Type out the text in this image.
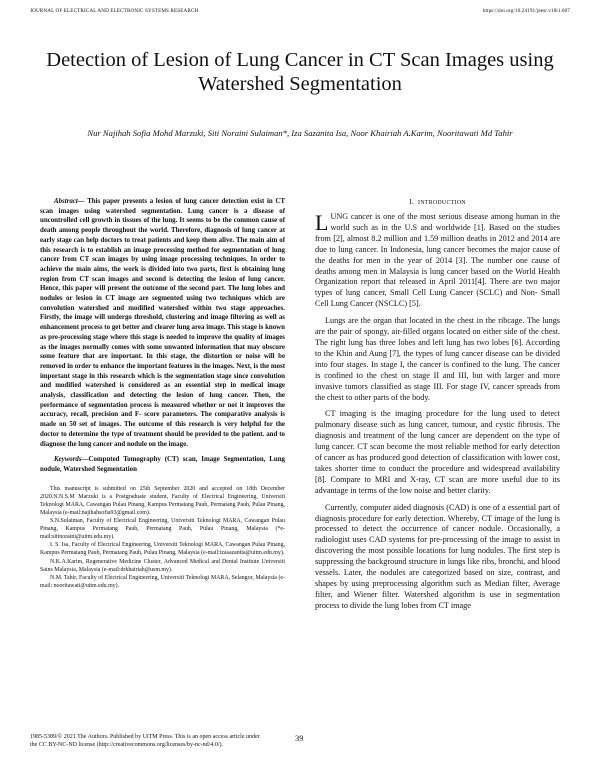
JOURNAL OF ELECTRICAL AND ELECTRONIC SYSTEMS RESEARCH	https://doi.org/10.24191/jeesr.v18i1.007
Detection of Lesion of Lung Cancer in CT Scan Images using Watershed Segmentation
Nur Najihah Sofia Mohd Marzuki, Siti Noraini Sulaiman*, Iza Sazanita Isa, Noor Khairiah A.Karim, Nooritawati Md Tahir
Abstract— This paper presents a lesion of lung cancer detection exist in CT scan images using watershed segmentation. Lung cancer is a disease of uncontrolled cell growth in tissues of the lung. It seems to be the common cause of death among people throughout the world. Therefore, diagnosis of lung cancer at early stage can help doctors to treat patients and keep them alive. The main aim of this research is to establish an image processing method for segmentation of lung cancer from CT scan images by using image processing techniques. In order to achieve the main aims, the work is divided into two parts, first is obtaining lung region from CT scan images and second is detecting the lesion of lung cancer. Hence, this paper will present the outcome of the second part. The lung lobes and nodules or lesion in CT image are segmented using two techniques which are convolution watershed and modified watershed within two stage approaches. Firstly, the image will undergo threshold, clustering and image filtering as well as enhancement process to get better and clearer lung area image. This stage is known as pre-processing stage where this stage is needed to improve the quality of images as the images normally comes with some unwanted information that may obscure some feature that are important. In this stage, the distortion or noise will be removed in order to enhance the important features in the images. Next, is the most important stage in this research which is the segmentation stage since convolution and modified watershed is considered as an essential step in medical image analysis, classification and detecting the lesion of lung cancer. Then, the performance of segmentation process is measured whether or not it improves the accuracy, recall, precision and F- score parameters. The comparative analysis is made on 50 set of images. The outcome of this research is very helpful for the doctor to determine the type of treatment should be provided to the patient. and to diagnose the lung cancer and nodule on the image.
Keywords—Computed Tomography (CT) scan, Image Segmentation, Lung nodule, Watershed Segmentation

This manuscript is submitted on 25th September 2020 and accepted on 18th December 2020.N.N.S.M Marzuki is a Postgraduate student, Faculty of Electrical Engineering, Universiti Teknologi MARA, Cawangan Pulau Pinang, Kampus Permatang Pauh, Permatang Pauh, Pulau Pinang, Malaysia (e-mail:najihahsofia93@gmail.com).

S.N.Sulaiman, Faculty of Electrical Engineering, Universiti Teknologi MARA, Cawangan Pulau Pinang, Kampus Permatang Pauh, Permatang Pauh, Pulau Pinang, Malaysia (*e-mail:sitinoraini@uitm.edu.my).

I. S. Isa, Faculty of Electrical Engineering, Universiti Teknologi MARA, Cawangan Pulau Pinang, Kampus Permatang Pauh, Permatang Pauh, Pulau Pinang, Malaysia (e-mail:izasazanita@uitm.edu.my).

N.K.A.Karim, Regenerative Medicine Cluster, Advanced Medical and Dental Institute Universiti Sains Malaysia, Malaysia (e-mail:drkhairiah@usm.my).

N.M. Tahir, Faculty of Electrical Engineering, Universiti Teknologi MARA, Selangor, Malaysia (e-mail: nooritawati@uitm.edu.my).

1985-5389/© 2021 The Authors. Published by UiTM Press. This is an open access article under the CC BY-NC-ND license (http://creativecommons.org/licenses/by-nc-nd/4.0/).
39
I. INTRODUCTION

LUNG cancer is one of the most serious disease among human in the world such as in the U.S and worldwide [1]. Based on the studies from [2], almost 8.2 million and 1.59 million deaths in 2012 and 2014 are due to lung cancer. In Indonesia, lung cancer becomes the major cause of the deaths for men in the year of 2014 [3]. The number one cause of deaths among men in Malaysia is lung cancer based on the World Health Organization report that released in April 2011[4]. There are two major types of lung cancer, Small Cell Lung Cancer (SCLC) and Non- Small Cell Lung Cancer (NSCLC) [5].

Lungs are the organ that located in the chest in the ribcage. The lungs are the pair of spongy, air-filled organs located on either side of the chest. The right lung has three lobes and left lung has two lobes [6]. According to the Khin and Aung [7], the types of lung cancer disease can be divided into four stages. In stage I, the cancer is confined to the lung. The cancer is confined to the chest on stage II and III, but with larger and more invasive tumors classified as stage III. For stage IV, cancer spreads from the chest to other parts of the body.

CT imaging is the imaging procedure for the lung used to detect pulmonary disease such as lung cancer, tumour, and cystic fibrosis. The diagnosis and treatment of the lung cancer are dependent on the type of lung cancer. CT scan become the most reliable method for early detection of cancer as has produced good detection of classification with lower cost, takes shorter time to conduct the procedure and widespread availability [8]. Compare to MRI and X-ray, CT scan are more useful due to its advantage in terms of the low noise and better clarity.

Currently, computer aided diagnosis (CAD) is one of a essential part of diagnosis procedure for early detection. Whereby, CT image of the lung is processed to detect the occurrence of cancer nodule. Occasionally, a radiologist uses CAD systems for pre-processing of the image to assist in discovering the most possible locations for lung nodules. The first step is suppressing the background structure in lungs like ribs, bronchi, and blood vessels. Later, the nodules are categorized based on size, contrast, and shapes by using preprocessing algorithm such as Median filter, Average filter, and Wiener filter. Watershed algorithm is use in segmentation process to divide the lung lobes from CT image
